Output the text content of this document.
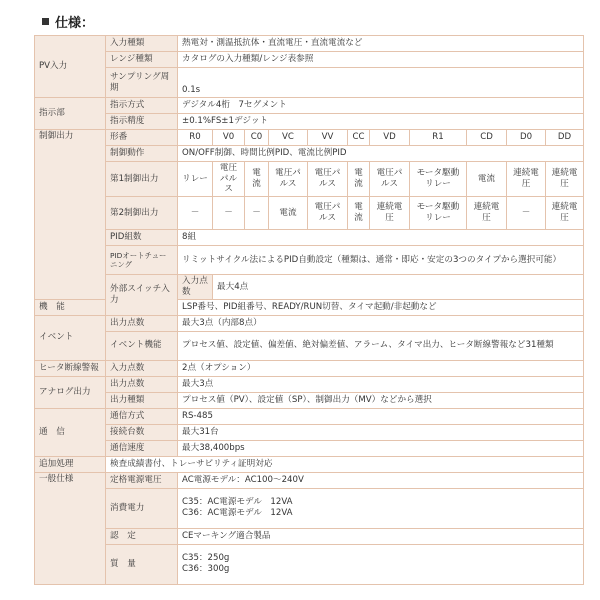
仕様：
PV入力	入力種類	熱電対・測温抵抗体・直流電圧・直流電流など										
	レンジ種類	カタログの入力種類/レンジ表参照										
	サンプリング周期	0.1s										
指示部	指示方式	デジタル4桁　7セグメント										
	指示精度	±0.1%FS±1デジット										
制御出力	形番	R0	V0	C0	VC	VV	CC	VD	R1	CD	D0	DD
	制御動作	ON/OFF制御、時間比例PID、電流比例PID										
	第1制御出力	リレー	電圧パルス	電流	電圧パルス	電圧パルス	電流	電圧パルス	モータ駆動リレー	電流	連続電圧	連続電圧
	第2制御出力	－	－	－	電流	電圧パルス	電流	連続電圧	モータ駆動リレー	連続電圧	－	連続電圧
	PID組数	8組										
	PIDオートチューニング	リミットサイクル法によるPID自動設定（種類は、通常・即応・安定の3つのタイプから選択可能）										
	外部スイッチ入力	入力点数	最大4点									
機　能		LSP番号、PID組番号、READY/RUN切替、タイマ起動/非起動など										
イベント	出力点数	最大3点（内部8点）										
	イベント機能	プロセス値、設定値、偏差値、絶対偏差値、アラーム、タイマ出力、ヒータ断線警報など31種類										
ヒータ断線警報	入力点数	2点（オプション）										
アナログ出力	出力点数	最大3点										
	出力種類	プロセス値（PV）、設定値（SP）、制御出力（MV）などから選択										
通　信	通信方式	RS-485										
	接続台数	最大31台										
	通信速度	最大38,400bps										
追加処理	検査成績書付、トレーサビリティ証明対応											
一般仕様	定格電源電圧	AC電源モデル：AC100～240V										
	消費電力	C35：AC電源モデル　12VA
C36：AC電源モデル　12VA										

	認　定	CEマーキング適合製品										
	質　量	C35：250g
C36：300g										
